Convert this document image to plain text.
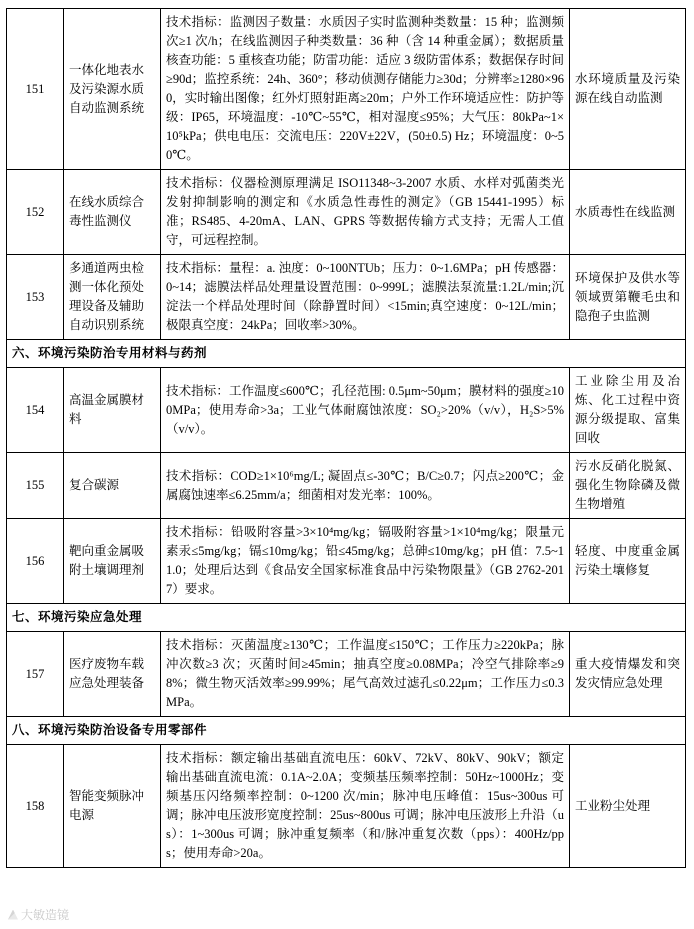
151	一体化地表水及污染源水质自动监测系统	技术指标：监测因子数量：水质因子实时监测种类数量：15 种；监测频次≥1 次/h；在线监测因子种类数量：36 种（含 14 种重金属）；数据质量核查功能：5 重核查功能；防雷功能：适应 3 级防雷体系；数据保存时间≥90d；监控系统：24h、360°；移动侦测存储能力≥30d；分辨率≥1280×960，实时输出图像；红外灯照射距离≥20m；户外工作环境适应性：防护等级：IP65，环境温度：-10℃~55℃，相对湿度≤95%；大气压：80kPa~1×10⁵kPa；供电电压：交流电压：220V±22V，(50±0.5) Hz；环境温度：0~50℃。	水环境质量及污染源在线自动监测
152	在线水质综合毒性监测仪	技术指标：仪器检测原理满足 ISO11348~3-2007 水质、水样对弧菌类光发射抑制影响的测定和《水质急性毒性的测定》（GB 15441-1995）标准；RS485、4-20mA、LAN、GPRS 等数据传输方式支持；无需人工值守，可远程控制。	水质毒性在线监测
153	多通道两虫检测一体化预处理设备及辅助自动识别系统	技术指标：量程：a. 浊度：0~100NTUb；压力：0~1.6MPa；pH 传感器：0~14；滤膜法样品处理量设置范围：0~999L；滤膜法泵流量:1.2L/min;沉淀法一个样品处理时间（除静置时间）<15min;真空速度：0~12L/min；极限真空度：24kPa；回收率>30%。	环境保护及供水等领域贾第鞭毛虫和隐孢子虫监测
六、环境污染防治专用材料与药剂			
154	高温金属膜材料	技术指标：工作温度≤600℃；孔径范围: 0.5μm~50μm；膜材料的强度≥100MPa；使用寿命>3a；工业气体耐腐蚀浓度：SO₂>20%（v/v），H₂S>5%（v/v）。	工业除尘用及冶炼、化工过程中资源分级提取、富集回收
155	复合碳源	技术指标：COD≥1×10⁶mg/L; 凝固点≤-30℃；B/C≥0.7；闪点≥200℃；金属腐蚀速率≤6.25mm/a；细菌相对发光率：100%。	污水反硝化脱氮、强化生物除磷及微生物增殖
156	靶向重金属吸附土壤调理剂	技术指标：铅吸附容量>3×10⁴mg/kg；镉吸附容量>1×10⁴mg/kg；限量元素汞≤5mg/kg；镉≤10mg/kg；铅≤45mg/kg；总砷≤10mg/kg；pH 值：7.5~11.0；处理后达到《食品安全国家标准食品中污染物限量》（GB 2762-2017）要求。	轻度、中度重金属污染土壤修复
七、环境污染应急处理			
157	医疗废物车载应急处理装备	技术指标：灭菌温度≥130℃；工作温度≤150℃；工作压力≥220kPa；脉冲次数≥3 次；灭菌时间≥45min；抽真空度≥0.08MPa；冷空气排除率≥98%；微生物灭活效率≥99.99%；尾气高效过滤孔≤0.22μm；工作压力≤0.3MPa。	重大疫情爆发和突发灾情应急处理
八、环境污染防治设备专用零部件			
158	智能变频脉冲电源	技术指标：额定输出基础直流电压：60kV、72kV、80kV、90kV；额定输出基础直流电流：0.1A~2.0A；变频基压频率控制：50Hz~1000Hz；变频基压闪络频率控制：0~1200 次/min；脉冲电压峰值：15us~300us 可调；脉冲电压波形宽度控制：25us~800us 可调；脉冲电压波形上升沿（us）：1~300us 可调；脉冲重复频率（和/脉冲重复次数（pps）：400Hz/pps；使用寿命>20a。	工业粉尘处理
大敏造镜
